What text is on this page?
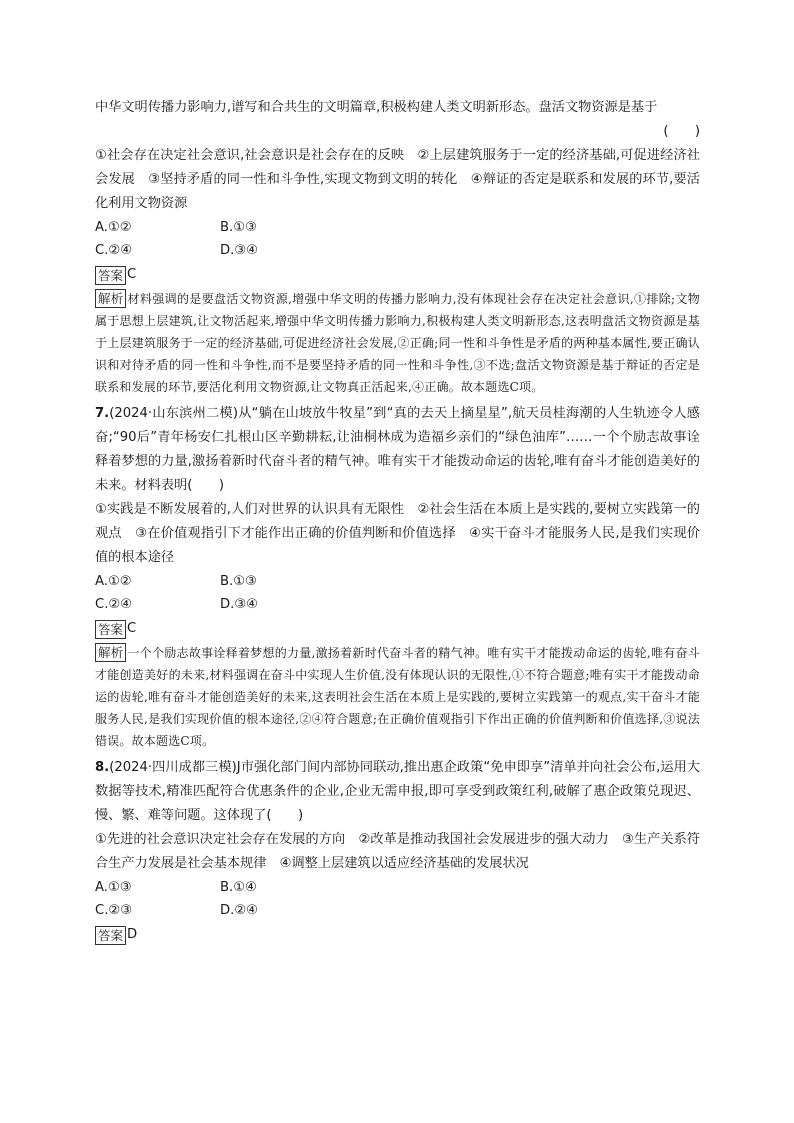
中华文明传播力影响力,谱写和合共生的文明篇章,积极构建人类文明新形态。盘活文物资源是基于

(　　)

①社会存在决定社会意识,社会意识是社会存在的反映　②上层建筑服务于一定的经济基础,可促进经济社会发展　③坚持矛盾的同一性和斗争性,实现文物到文明的转化　④辩证的否定是联系和发展的环节,要活化利用文物资源

A.①②	B.①③
C.②④	D.③④
答案 C

解析 材料强调的是要盘活文物资源,增强中华文明的传播力影响力,没有体现社会存在决定社会意识,①排除;文物属于思想上层建筑,让文物活起来,增强中华文明传播力影响力,积极构建人类文明新形态,这表明盘活文物资源是基于上层建筑服务于一定的经济基础,可促进经济社会发展,②正确;同一性和斗争性是矛盾的两种基本属性,要正确认识和对待矛盾的同一性和斗争性,而不是要坚持矛盾的同一性和斗争性,③不选;盘活文物资源是基于辩证的否定是联系和发展的环节,要活化利用文物资源,让文物真正活起来,④正确。故本题选C项。

7.(2024·山东滨州二模)从“躺在山坡放牛牧星”到“真的去天上摘星星”,航天员桂海潮的人生轨迹令人感奋;“90后”青年杨安仁扎根山区辛勤耕耘,让油桐林成为造福乡亲们的“绿色油库”……一个个励志故事诠释着梦想的力量,激扬着新时代奋斗者的精气神。唯有实干才能拨动命运的齿轮,唯有奋斗才能创造美好的未来。材料表明(　　)

①实践是不断发展着的,人们对世界的认识具有无限性　②社会生活在本质上是实践的,要树立实践第一的观点　③在价值观指引下才能作出正确的价值判断和价值选择　④实干奋斗才能服务人民,是我们实现价值的根本途径

A.①②	B.①③
C.②④	D.③④
答案 C

解析 一个个励志故事诠释着梦想的力量,激扬着新时代奋斗者的精气神。唯有实干才能拨动命运的齿轮,唯有奋斗才能创造美好的未来,材料强调在奋斗中实现人生价值,没有体现认识的无限性,①不符合题意;唯有实干才能拨动命运的齿轮,唯有奋斗才能创造美好的未来,这表明社会生活在本质上是实践的,要树立实践第一的观点,实干奋斗才能服务人民,是我们实现价值的根本途径,②④符合题意;在正确价值观指引下作出正确的价值判断和价值选择,③说法错误。故本题选C项。

8.(2024·四川成都三模)J市强化部门间内部协同联动,推出惠企政策“免申即享”清单并向社会公布,运用大数据等技术,精准匹配符合优惠条件的企业,企业无需申报,即可享受到政策红利,破解了惠企政策兑现迟、慢、繁、难等问题。这体现了(　　)

①先进的社会意识决定社会存在发展的方向　②改革是推动我国社会发展进步的强大动力　③生产关系符合生产力发展是社会基本规律　④调整上层建筑以适应经济基础的发展状况

A.①③	B.①④
C.②③	D.②④
答案 D
